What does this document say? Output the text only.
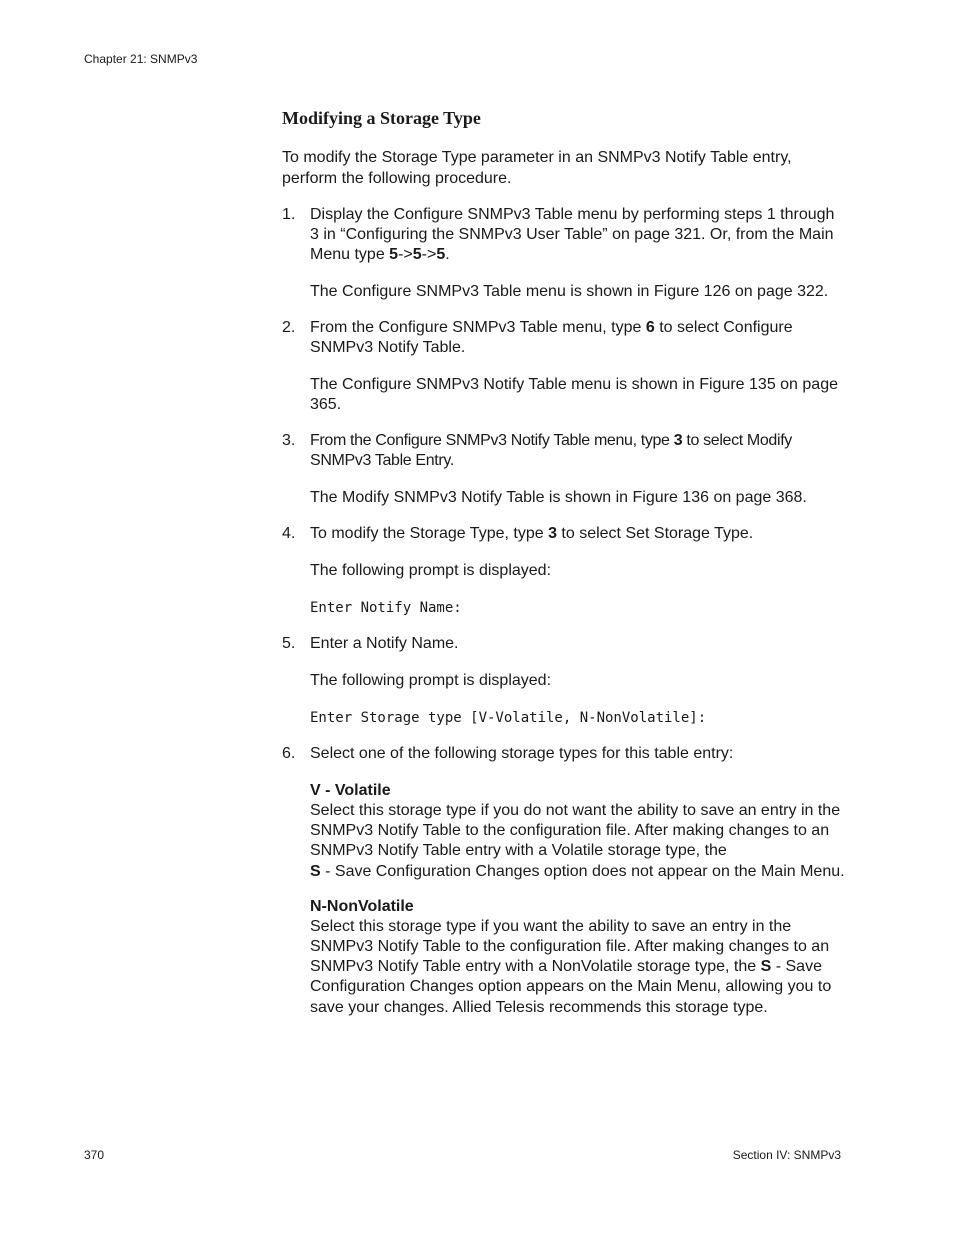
Chapter 21: SNMPv3
Modifying a Storage Type

To modify the Storage Type parameter in an SNMPv3 Notify Table entry, perform the following procedure.

1. Display the Configure SNMPv3 Table menu by performing steps 1 through 3 in “Configuring the SNMPv3 User Table” on page 321. Or, from the Main Menu type 5->5->5.
The Configure SNMPv3 Table menu is shown in Figure 126 on page 322.
2. From the Configure SNMPv3 Table menu, type 6 to select Configure SNMPv3 Notify Table.
The Configure SNMPv3 Notify Table menu is shown in Figure 135 on page 365.
3. From the Configure SNMPv3 Notify Table menu, type 3 to select Modify SNMPv3 Table Entry.
The Modify SNMPv3 Notify Table is shown in Figure 136 on page 368.
4. To modify the Storage Type, type 3 to select Set Storage Type.
The following prompt is displayed:
Enter Notify Name:
5. Enter a Notify Name.
The following prompt is displayed:
Enter Storage type [V-Volatile, N-NonVolatile]:
6. Select one of the following storage types for this table entry:
V - Volatile
Select this storage type if you do not want the ability to save an entry in the SNMPv3 Notify Table to the configuration file. After making changes to an SNMPv3 Notify Table entry with a Volatile storage type, the
S - Save Configuration Changes option does not appear on the Main Menu.
N-NonVolatile
Select this storage type if you want the ability to save an entry in the SNMPv3 Notify Table to the configuration file. After making changes to an SNMPv3 Notify Table entry with a NonVolatile storage type, the S - Save Configuration Changes option appears on the Main Menu, allowing you to save your changes. Allied Telesis recommends this storage type.
370	Section IV: SNMPv3
